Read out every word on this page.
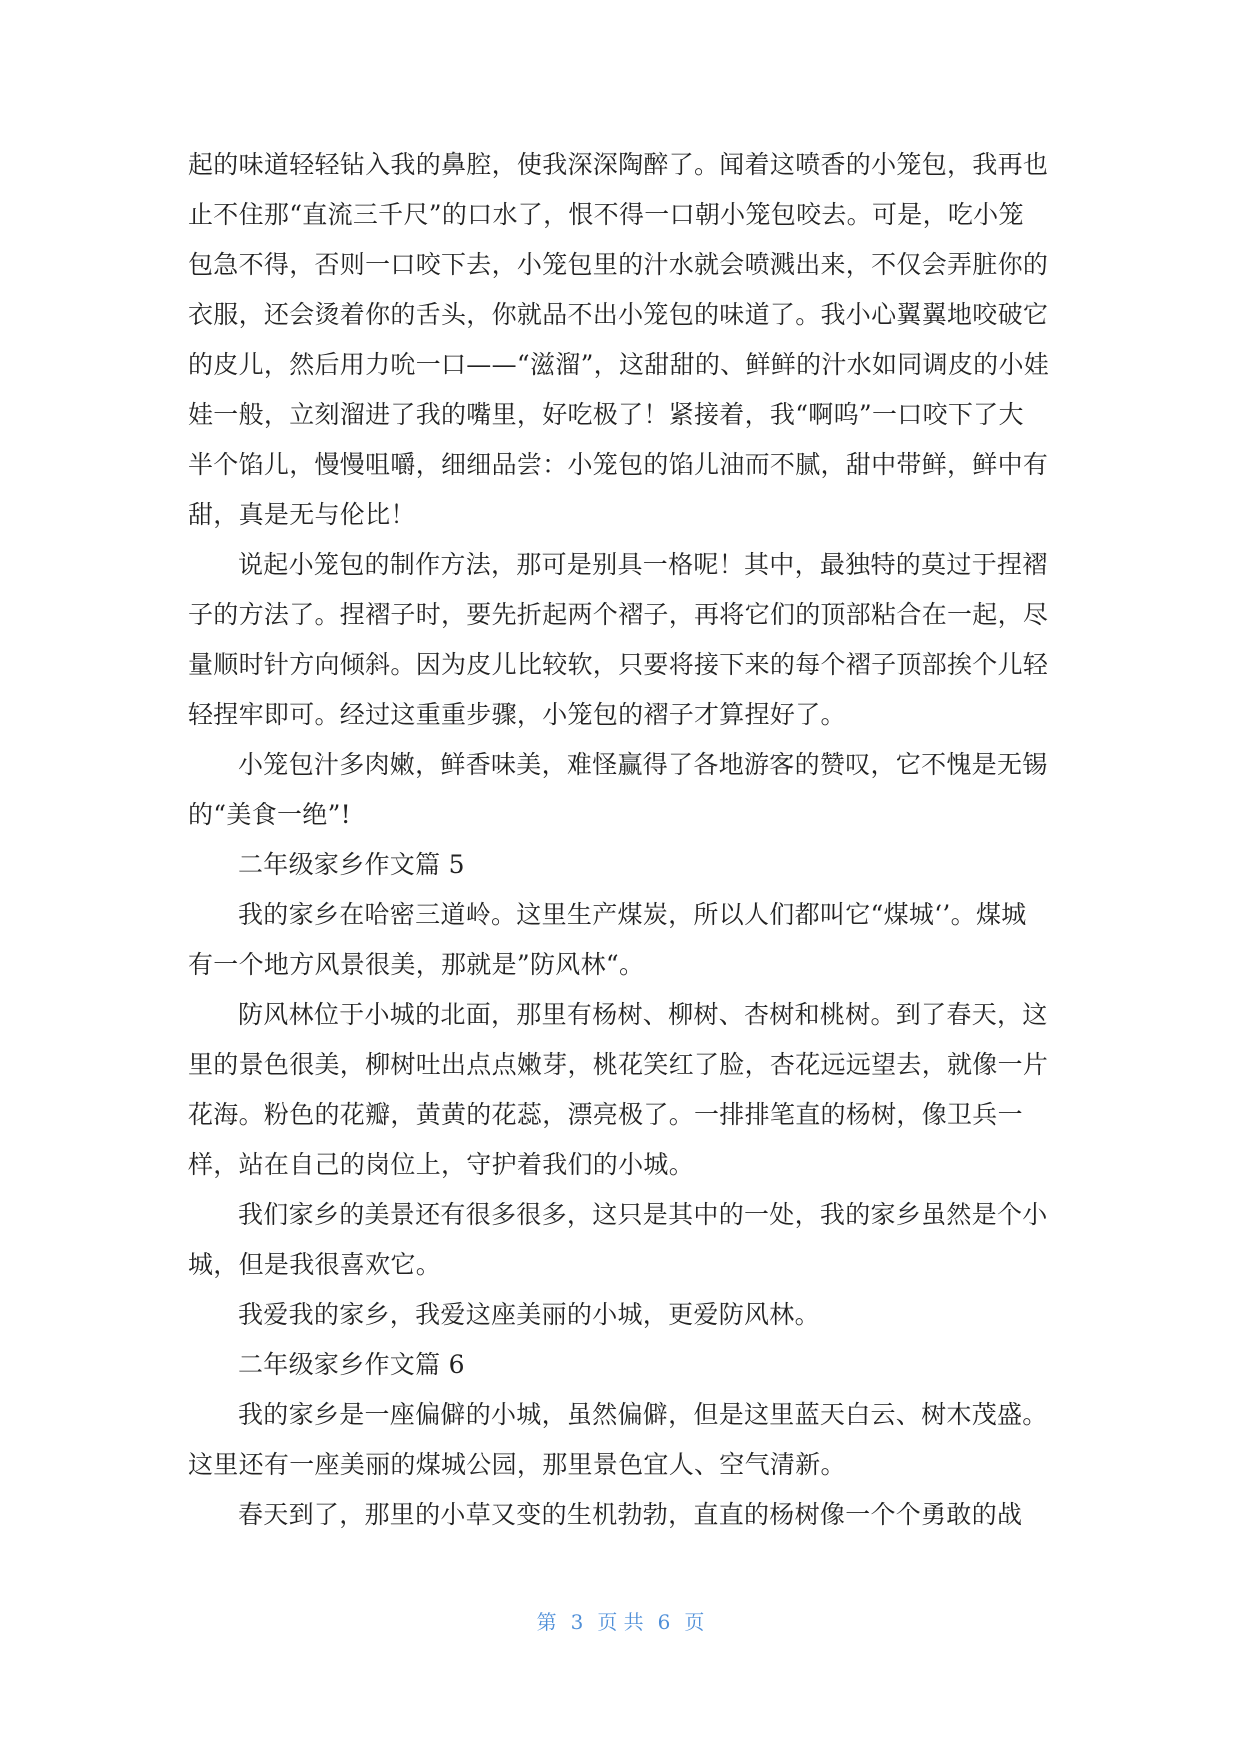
起的味道轻轻钻入我的鼻腔，使我深深陶醉了。闻着这喷香的小笼包，我再也
止不住那“直流三千尺”的口水了，恨不得一口朝小笼包咬去。可是，吃小笼
包急不得，否则一口咬下去，小笼包里的汁水就会喷溅出来，不仅会弄脏你的
衣服，还会烫着你的舌头，你就品不出小笼包的味道了。我小心翼翼地咬破它
的皮儿，然后用力吮一口——“滋溜”，这甜甜的、鲜鲜的汁水如同调皮的小娃
娃一般，立刻溜进了我的嘴里，好吃极了！紧接着，我“啊呜”一口咬下了大
半个馅儿，慢慢咀嚼，细细品尝：小笼包的馅儿油而不腻，甜中带鲜，鲜中有
甜，真是无与伦比！
说起小笼包的制作方法，那可是别具一格呢！其中，最独特的莫过于捏褶
子的方法了。捏褶子时，要先折起两个褶子，再将它们的顶部粘合在一起，尽
量顺时针方向倾斜。因为皮儿比较软，只要将接下来的每个褶子顶部挨个儿轻
轻捏牢即可。经过这重重步骤，小笼包的褶子才算捏好了。
小笼包汁多肉嫩，鲜香味美，难怪赢得了各地游客的赞叹，它不愧是无锡
的“美食一绝”!
二年级家乡作文篇 5
我的家乡在哈密三道岭。这里生产煤炭，所以人们都叫它“煤城‘’。煤城
有一个地方风景很美，那就是”防风林“。
防风林位于小城的北面，那里有杨树、柳树、杏树和桃树。到了春天，这
里的景色很美，柳树吐出点点嫩芽，桃花笑红了脸，杏花远远望去，就像一片
花海。粉色的花瓣，黄黄的花蕊，漂亮极了。一排排笔直的杨树，像卫兵一
样，站在自己的岗位上，守护着我们的小城。
我们家乡的美景还有很多很多，这只是其中的一处，我的家乡虽然是个小
城，但是我很喜欢它。
我爱我的家乡，我爱这座美丽的小城，更爱防风林。
二年级家乡作文篇 6
我的家乡是一座偏僻的小城，虽然偏僻，但是这里蓝天白云、树木茂盛。
这里还有一座美丽的煤城公园，那里景色宜人、空气清新。
春天到了，那里的小草又变的生机勃勃，直直的杨树像一个个勇敢的战
第 3 页 共 6 页
